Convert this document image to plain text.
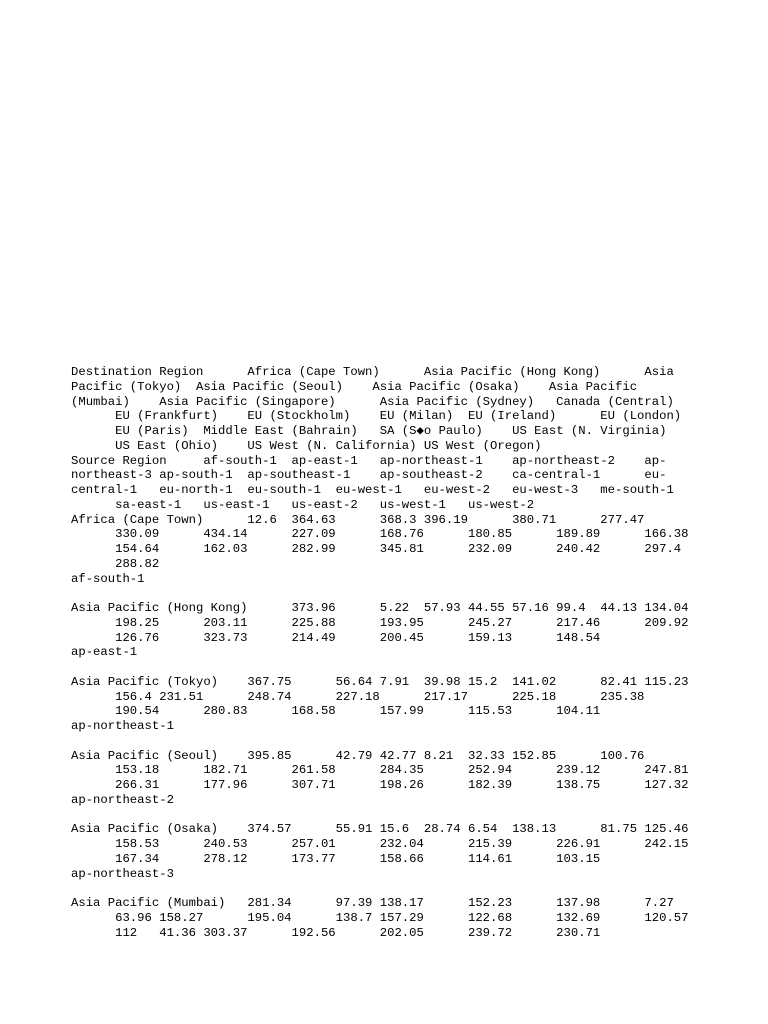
Destination Region      Africa (Cape Town)      Asia Pacific (Hong Kong)      Asia
Pacific (Tokyo)  Asia Pacific (Seoul)    Asia Pacific (Osaka)    Asia Pacific
(Mumbai)    Asia Pacific (Singapore)      Asia Pacific (Sydney)   Canada (Central)
EU (Frankfurt)    EU (Stockholm)    EU (Milan)  EU (Ireland)      EU (London)
EU (Paris)  Middle East (Bahrain)   SA (S◆o Paulo)    US East (N. Virginia)
US East (Ohio)    US West (N. California) US West (Oregon)
Source Region     af-south-1  ap-east-1   ap-northeast-1    ap-northeast-2    ap-
northeast-3 ap-south-1  ap-southeast-1    ap-southeast-2    ca-central-1      eu-
central-1   eu-north-1  eu-south-1  eu-west-1   eu-west-2   eu-west-3   me-south-1
sa-east-1   us-east-1   us-east-2   us-west-1   us-west-2
Africa (Cape Town)      12.6  364.63      368.3 396.19      380.71      277.47
330.09      434.14      227.09      168.76      180.85      189.89      166.38
154.64      162.03      282.99      345.81      232.09      240.42      297.4
288.82
af-south-1
Asia Pacific (Hong Kong)      373.96      5.22  57.93 44.55 57.16 99.4  44.13 134.04
198.25      203.11      225.88      193.95      245.27      217.46      209.92
126.76      323.73      214.49      200.45      159.13      148.54
ap-east-1
Asia Pacific (Tokyo)    367.75      56.64 7.91  39.98 15.2  141.02      82.41 115.23
156.4 231.51      248.74      227.18      217.17      225.18      235.38
190.54      280.83      168.58      157.99      115.53      104.11
ap-northeast-1
Asia Pacific (Seoul)    395.85      42.79 42.77 8.21  32.33 152.85      100.76
153.18      182.71      261.58      284.35      252.94      239.12      247.81
266.31      177.96      307.71      198.26      182.39      138.75      127.32
ap-northeast-2
Asia Pacific (Osaka)    374.57      55.91 15.6  28.74 6.54  138.13      81.75 125.46
158.53      240.53      257.01      232.04      215.39      226.91      242.15
167.34      278.12      173.77      158.66      114.61      103.15
ap-northeast-3
Asia Pacific (Mumbai)   281.34      97.39 138.17      152.23      137.98      7.27
63.96 158.27      195.04      138.7 157.29      122.68      132.69      120.57
112   41.36 303.37      192.56      202.05      239.72      230.71
